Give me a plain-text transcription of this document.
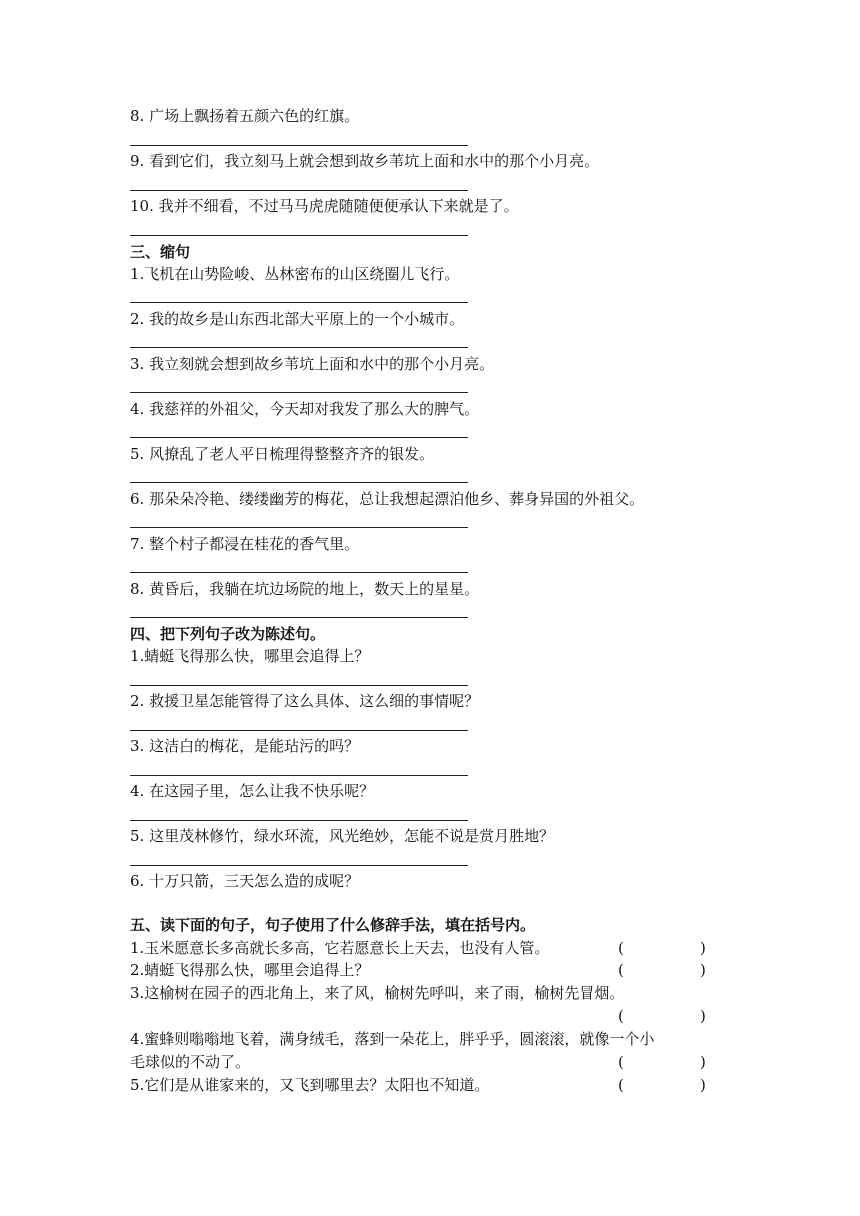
8. 广场上飘扬着五颜六色的红旗。
9. 看到它们，我立刻马上就会想到故乡苇坑上面和水中的那个小月亮。
10. 我并不细看，不过马马虎虎随随便便承认下来就是了。
三、缩句
1.飞机在山势险峻、丛林密布的山区绕圈儿飞行。
2. 我的故乡是山东西北部大平原上的一个小城市。
3. 我立刻就会想到故乡苇坑上面和水中的那个小月亮。
4. 我慈祥的外祖父，今天却对我发了那么大的脾气。
5. 风撩乱了老人平日梳理得整整齐齐的银发。
6. 那朵朵冷艳、缕缕幽芳的梅花，总让我想起漂泊他乡、葬身异国的外祖父。
7. 整个村子都浸在桂花的香气里。
8. 黄昏后，我躺在坑边场院的地上，数天上的星星。
四、把下列句子改为陈述句。
1.蜻蜓飞得那么快，哪里会追得上？
2. 救援卫星怎能管得了这么具体、这么细的事情呢？
3. 这洁白的梅花，是能玷污的吗？
4. 在这园子里，怎么让我不快乐呢？
5. 这里茂林修竹，绿水环流，风光绝妙，怎能不说是赏月胜地？
6. 十万只箭，三天怎么造的成呢？
五、读下面的句子，句子使用了什么修辞手法，填在括号内。
1.玉米愿意长多高就长多高，它若愿意长上天去，也没有人管。	(	)
2.蜻蜓飞得那么快，哪里会追得上？	(	)
3.这榆树在园子的西北角上，来了风，榆树先呼叫，来了雨，榆树先冒烟。
(	)
4.蜜蜂则嗡嗡地飞着，满身绒毛，落到一朵花上，胖乎乎，圆滚滚，就像一个小
毛球似的不动了。	(	)
5.它们是从谁家来的，又飞到哪里去？太阳也不知道。	(	)
